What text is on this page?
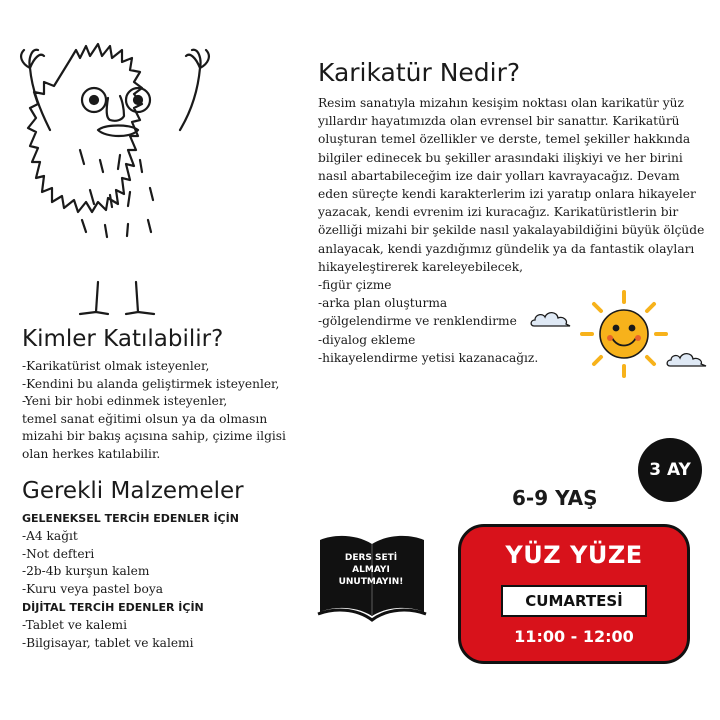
Karikatür Nedir?

Resim sanatıyla mizahın kesişim noktası olan karikatür yüz yıllardır hayatımızda olan evrensel bir sanattır. Karikatürü oluşturan temel özellikler ve derste, temel şekiller hakkında bilgiler edinecek bu şekiller arasındaki ilişkiyi ve her birini nasıl abartabileceğim ize dair yolları kavrayacağız. Devam eden süreçte kendi karakterlerim izi yaratıp onlara hikayeler yazacak, kendi evrenim izi kuracağız. Karikatüristlerin bir özelliği mizahi bir şekilde nasıl yakalayabildiğini büyük ölçüde anlayacak, kendi yazdığımız gündelik ya da fantastik olayları hikayeleştirerek kareleyebilecek,

-figür çizme
-arka plan oluşturma
-gölgelendirme ve renklendirme
-diyalog ekleme
-hikayelendirme yetisi kazanacağız.
Kimler Katılabilir?
-Karikatürist olmak isteyenler,
-Kendini bu alanda geliştirmek isteyenler,
-Yeni bir hobi edinmek isteyenler,
temel sanat eğitimi olsun ya da olmasın
mizahi bir bakış açısına sahip, çizime ilgisi
olan herkes katılabilir.
Gerekli Malzemeler
GELENEKSEL TERCİH EDENLER İÇİN
-A4 kağıt
-Not defteri
-2b-4b kurşun kalem
-Kuru veya pastel boya
DİJİTAL TERCİH EDENLER İÇİN
-Tablet ve kalemi
-Bilgisayar, tablet ve kalemi
DERS SETİ ALMAYI UNUTMAYIN!
6-9 YAŞ
3 AY
YÜZ YÜZE
CUMARTESİ
11:00 - 12:00
